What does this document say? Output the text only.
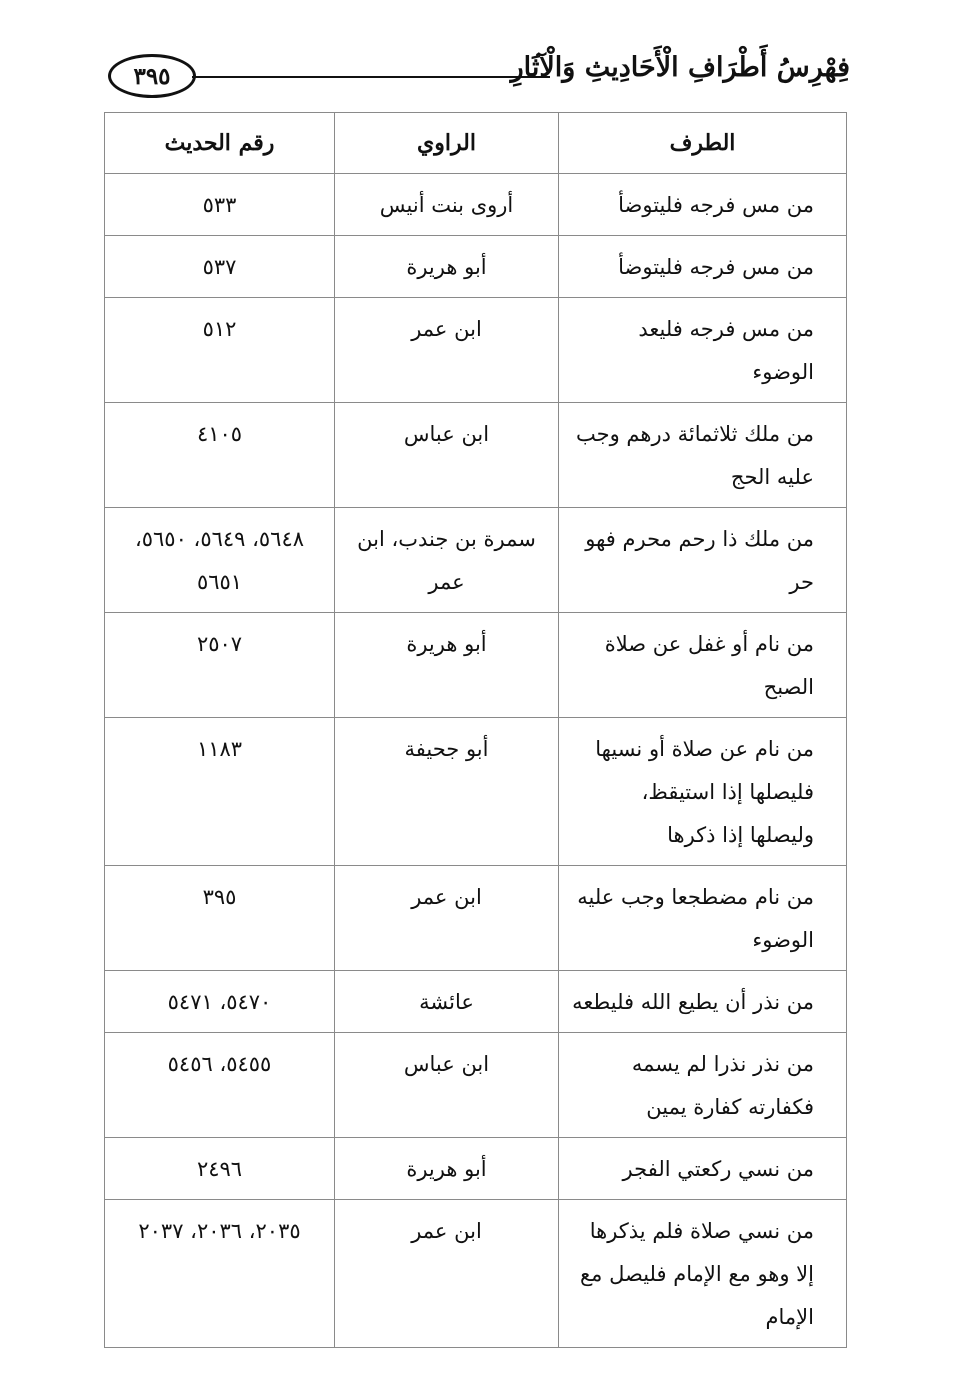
٣٩٥	فِهْرِسُ أَطْرَافِ الْأَحَادِيثِ وَالْآثَارِ
الطرف	الراوي	رقم الحديث
من مس فرجه فليتوضأ	أروى بنت أنيس	٥٣٣
من مس فرجه فليتوضأ	أبو هريرة	٥٣٧
من مس فرجه فليعد الوضوء	ابن عمر	٥١٢
من ملك ثلاثمائة درهم وجب عليه الحج	ابن عباس	٤١٠٥
من ملك ذا رحم محرم فهو حر	سمرة بن جندب، ابن عمر	٥٦٤٨، ٥٦٤٩، ٥٦٥٠، ٥٦٥١
من نام أو غفل عن صلاة الصبح	أبو هريرة	٢٥٠٧
من نام عن صلاة أو نسيها فليصلها إذا استيقظ، وليصلها إذا ذكرها	أبو جحيفة	١١٨٣
من نام مضطجعا وجب عليه الوضوء	ابن عمر	٣٩٥
من نذر أن يطيع الله فليطعه	عائشة	٥٤٧٠، ٥٤٧١
من نذر نذرا لم يسمه فكفارته كفارة يمين	ابن عباس	٥٤٥٥، ٥٤٥٦
من نسي ركعتي الفجر	أبو هريرة	٢٤٩٦
من نسي صلاة فلم يذكرها إلا وهو مع الإمام فليصل مع الإمام	ابن عمر	٢٠٣٥، ٢٠٣٦، ٢٠٣٧
